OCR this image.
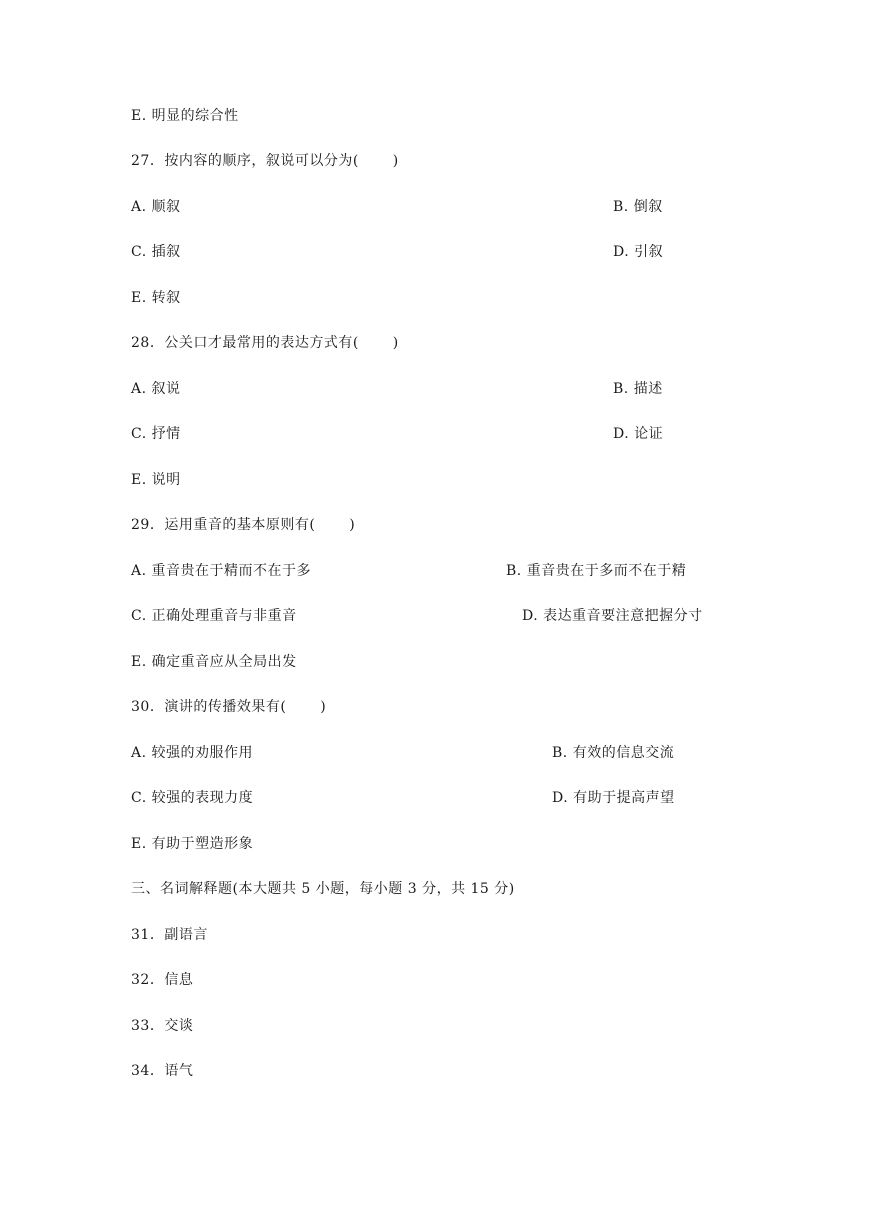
E. 明显的综合性
27．按内容的顺序，叙说可以分为(　　 )
A. 顺叙	B. 倒叙
C. 插叙	D. 引叙
E. 转叙
28．公关口才最常用的表达方式有(　　 )
A. 叙说	B. 描述
C. 抒情	D. 论证
E. 说明
29．运用重音的基本原则有(　　 )
A. 重音贵在于精而不在于多	B. 重音贵在于多而不在于精
C. 正确处理重音与非重音	D. 表达重音要注意把握分寸
E. 确定重音应从全局出发
30．演讲的传播效果有(　　 )
A. 较强的劝服作用	B. 有效的信息交流
C. 较强的表现力度	D. 有助于提高声望
E. 有助于塑造形象
三、名词解释题(本大题共 5 小题，每小题 3 分，共 15 分)
31．副语言
32．信息
33．交谈
34．语气
